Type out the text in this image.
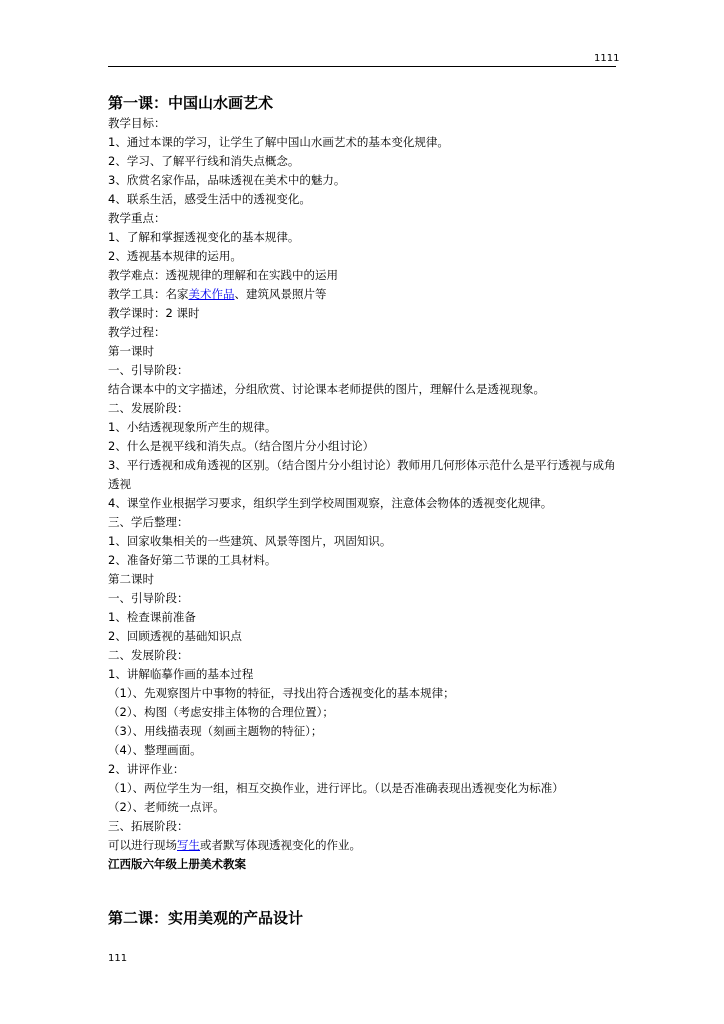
1111
第一课：中国山水画艺术

教学目标：

1、通过本课的学习，让学生了解中国山水画艺术的基本变化规律。

2、学习、了解平行线和消失点概念。

3、欣赏名家作品，品味透视在美术中的魅力。

4、联系生活，感受生活中的透视变化。

教学重点：

1、了解和掌握透视变化的基本规律。

2、透视基本规律的运用。

教学难点：透视规律的理解和在实践中的运用

教学工具：名家美术作品、建筑风景照片等

教学课时：2 课时

教学过程：

第一课时

一、引导阶段：

结合课本中的文字描述，分组欣赏、讨论课本老师提供的图片，理解什么是透视现象。

二、发展阶段：

1、小结透视现象所产生的规律。

2、什么是视平线和消失点。（结合图片分小组讨论）

3、平行透视和成角透视的区别。（结合图片分小组讨论）教师用几何形体示范什么是平行透视与成角透视

4、课堂作业根据学习要求，组织学生到学校周围观察，注意体会物体的透视变化规律。

三、学后整理：

1、回家收集相关的一些建筑、风景等图片，巩固知识。

2、准备好第二节课的工具材料。

第二课时

一、引导阶段：

1、检查课前准备

2、回顾透视的基础知识点

二、发展阶段：

1、讲解临摹作画的基本过程

（1）、先观察图片中事物的特征，寻找出符合透视变化的基本规律；

（2）、构图（考虑安排主体物的合理位置）；

（3）、用线描表现（刻画主题物的特征）；

（4）、整理画面。

2、讲评作业：

（1）、两位学生为一组，相互交换作业，进行评比。（以是否准确表现出透视变化为标准）

（2）、老师统一点评。

三、拓展阶段：

可以进行现场写生或者默写体现透视变化的作业。

江西版六年级上册美术教案

第二课：实用美观的产品设计
111
